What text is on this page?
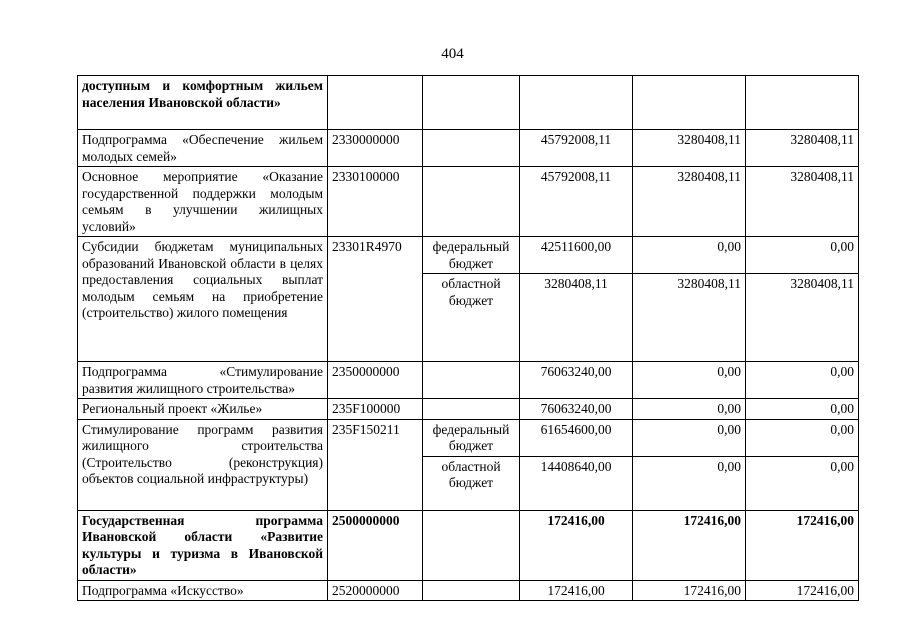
404
доступным и комфортным жильем населения Ивановской области»					
Подпрограмма «Обеспечение жильем молодых семей»	2330000000		45792008,11	3280408,11	3280408,11
Основное мероприятие «Оказание государственной поддержки молодым семьям в улучшении жилищных условий»	2330100000		45792008,11	3280408,11	3280408,11
Субсидии бюджетам муниципальных образований Ивановской области в целях предоставления социальных выплат молодым семьям на приобретение (строительство) жилого помещения	23301R4970	федеральный бюджет	42511600,00	0,00	0,00
		областной бюджет	3280408,11	3280408,11	3280408,11
Подпрограмма «Стимулирование развития жилищного строительства»	2350000000		76063240,00	0,00	0,00
Региональный проект «Жилье»	235F100000		76063240,00	0,00	0,00
Стимулирование программ развития жилищного строительства (Строительство (реконструкция) объектов социальной инфраструктуры)	235F150211	федеральный бюджет	61654600,00	0,00	0,00
		областной бюджет	14408640,00	0,00	0,00
Государственная программа Ивановской области «Развитие культуры и туризма в Ивановской области»	2500000000		172416,00	172416,00	172416,00
Подпрограмма «Искусство»	2520000000		172416,00	172416,00	172416,00
